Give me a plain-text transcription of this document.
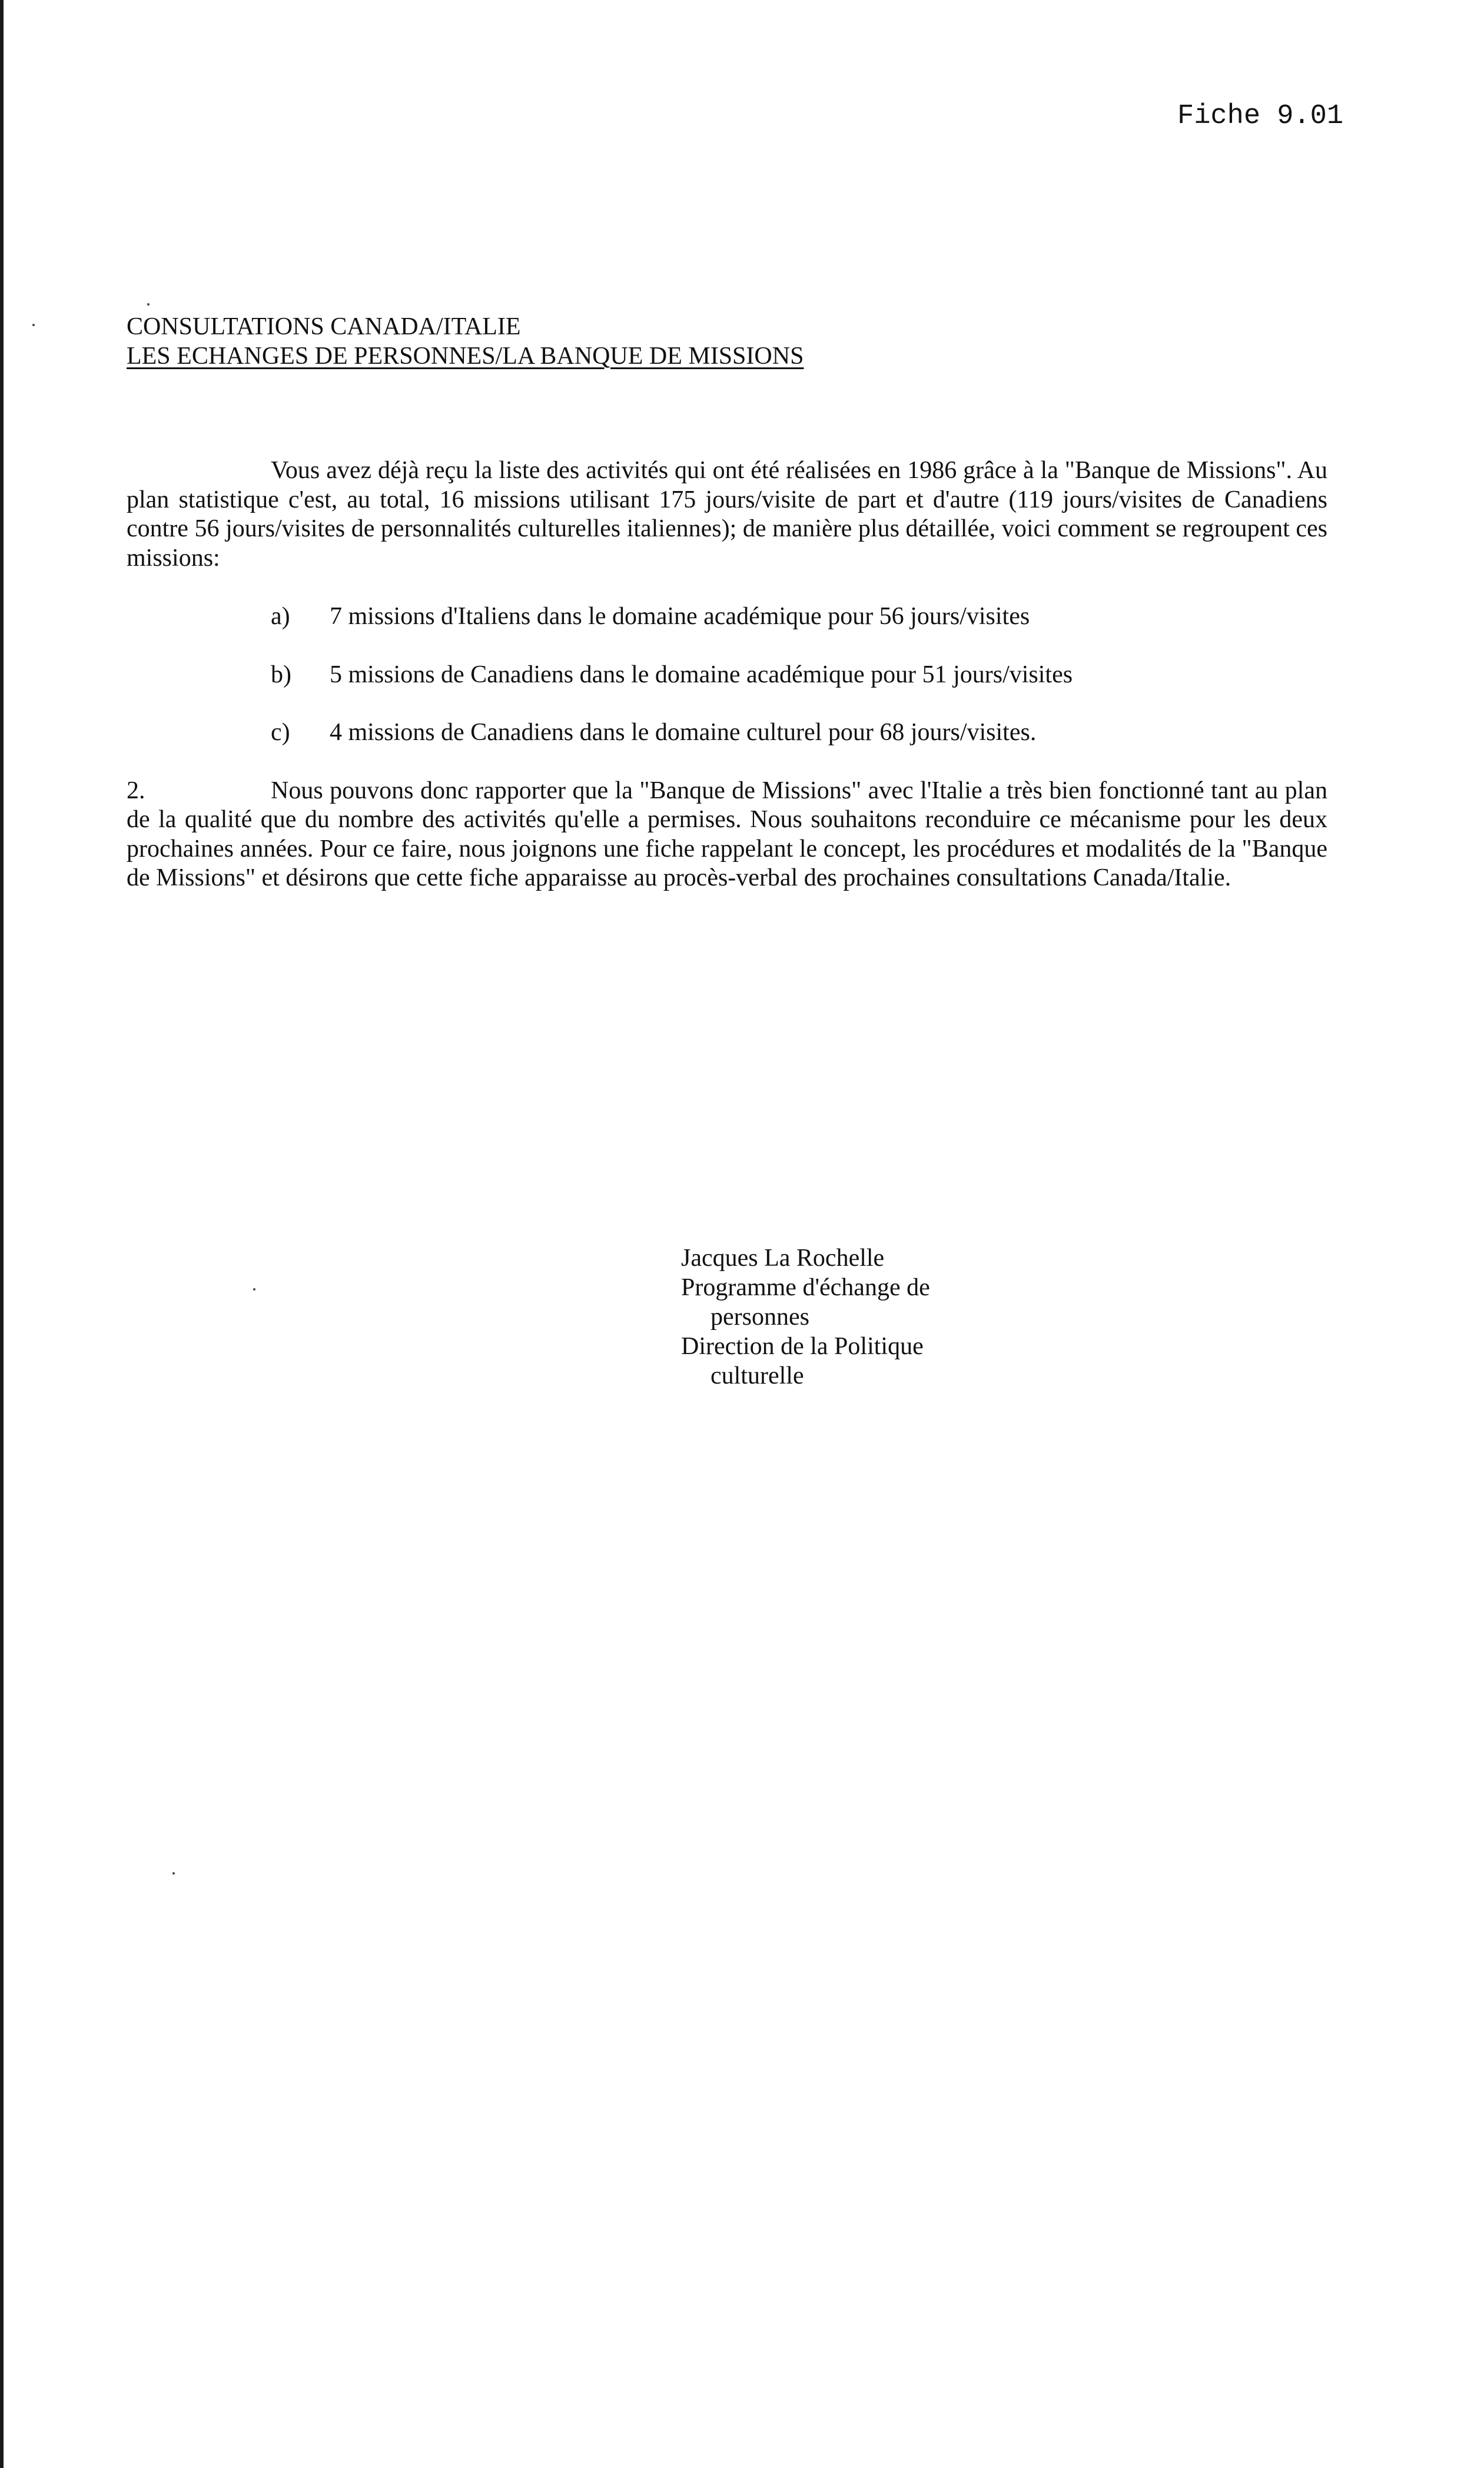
Fiche 9.01
CONSULTATIONS CANADA/ITALIE
LES ECHANGES DE PERSONNES/LA BANQUE DE MISSIONS

Vous avez déjà reçu la liste des activités qui ont été réalisées en 1986 grâce à la "Banque de Missions". Au plan statistique c'est, au total, 16 missions utilisant 175 jours/visite de part et d'autre (119 jours/visites de Canadiens contre 56 jours/visites de personnalités culturelles italiennes); de manière plus détaillée, voici comment se regroupent ces missions:

a)	7 missions d'Italiens dans le domaine académique pour 56 jours/visites
b)	5 missions de Canadiens dans le domaine académique pour 51 jours/visites
c)	4 missions de Canadiens dans le domaine culturel pour 68 jours/visites.

2.	Nous pouvons donc rapporter que la "Banque de Missions" avec l'Italie a très bien fonctionné tant au plan de la qualité que du nombre des activités qu'elle a permises. Nous souhaitons reconduire ce mécanisme pour les deux prochaines années. Pour ce faire, nous joignons une fiche rappelant le concept, les procédures et modalités de la "Banque de Missions" et désirons que cette fiche apparaisse au procès-verbal des prochaines consultations Canada/Italie.

Jacques La Rochelle
Programme d'échange de
personnes
Direction de la Politique
culturelle
